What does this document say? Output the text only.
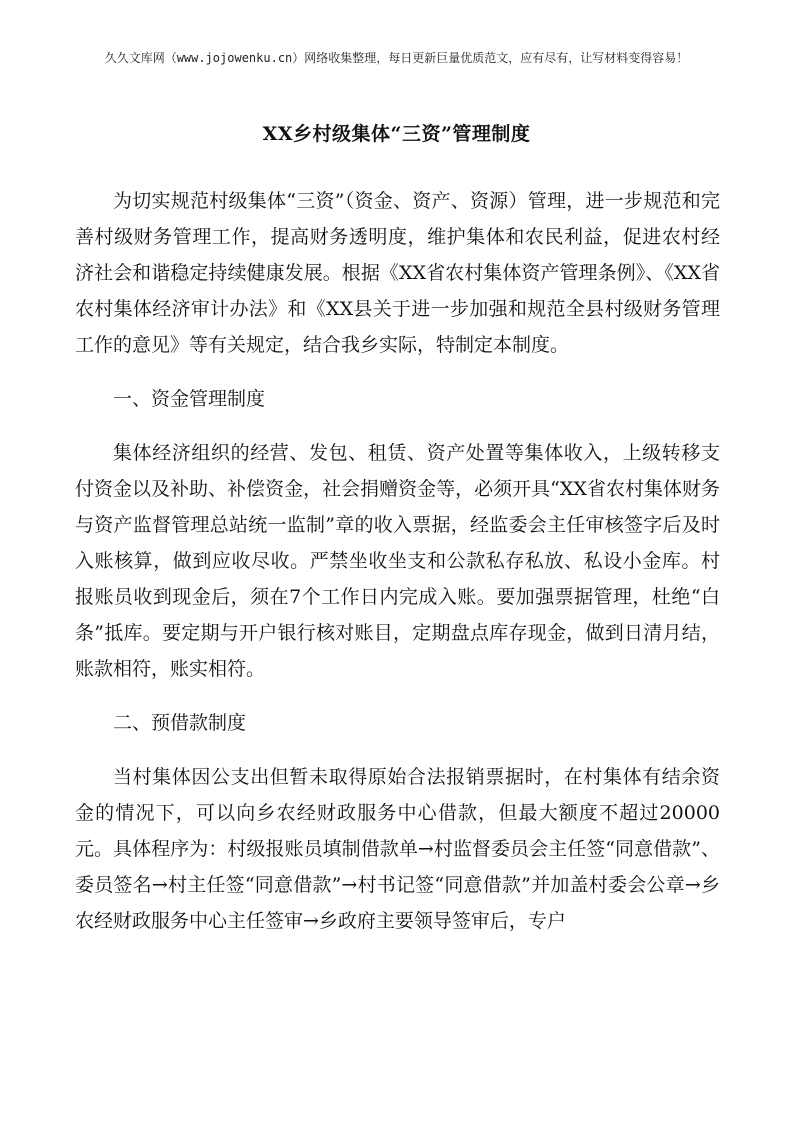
久久文库网（www.jojowenku.cn）网络收集整理，每日更新巨量优质范文，应有尽有，让写材料变得容易！
XX乡村级集体“三资”管理制度

为切实规范村级集体“三资”（资金、资产、资源）管理，进一步规范和完善村级财务管理工作，提高财务透明度，维护集体和农民利益，促进农村经济社会和谐稳定持续健康发展。根据《XX省农村集体资产管理条例》、《XX省农村集体经济审计办法》和《XX县关于进一步加强和规范全县村级财务管理工作的意见》等有关规定，结合我乡实际，特制定本制度。

一、资金管理制度

集体经济组织的经营、发包、租赁、资产处置等集体收入，上级转移支付资金以及补助、补偿资金，社会捐赠资金等，必须开具“XX省农村集体财务与资产监督管理总站统一监制”章的收入票据，经监委会主任审核签字后及时入账核算，做到应收尽收。严禁坐收坐支和公款私存私放、私设小金库。村报账员收到现金后，须在7个工作日内完成入账。要加强票据管理，杜绝“白条”抵库。要定期与开户银行核对账目，定期盘点库存现金，做到日清月结，账款相符，账实相符。

二、预借款制度

当村集体因公支出但暂未取得原始合法报销票据时，在村集体有结余资金的情况下，可以向乡农经财政服务中心借款，但最大额度不超过20000元。具体程序为：村级报账员填制借款单→村监督委员会主任签“同意借款”、委员签名→村主任签“同意借款”→村书记签“同意借款”并加盖村委会公章→乡农经财政服务中心主任签审→乡政府主要领导签审后，专户
